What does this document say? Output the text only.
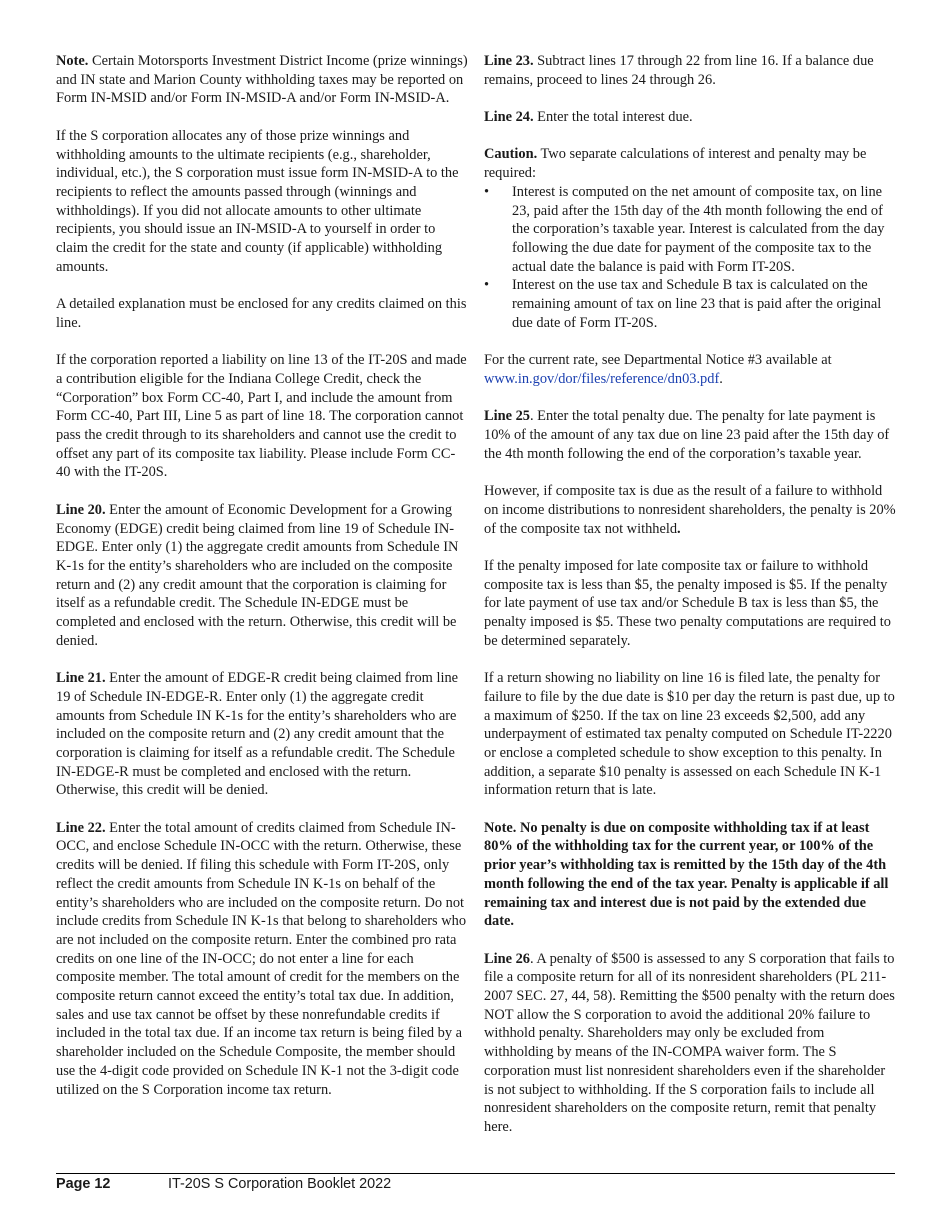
Note. Certain Motorsports Investment District Income (prize winnings) and IN state and Marion County withholding taxes may be reported on Form IN-MSID and/or Form IN-MSID-A and/or Form IN-MSID-A.

If the S corporation allocates any of those prize winnings and withholding amounts to the ultimate recipients (e.g., shareholder, individual, etc.), the S corporation must issue form IN-MSID-A to the recipients to reflect the amounts passed through (winnings and withholdings). If you did not allocate amounts to other ultimate recipients, you should issue an IN-MSID-A to yourself in order to claim the credit for the state and county (if applicable) withholding amounts.

A detailed explanation must be enclosed for any credits claimed on this line.

If the corporation reported a liability on line 13 of the IT-20S and made a contribution eligible for the Indiana College Credit, check the “Corporation” box Form CC-40, Part I, and include the amount from Form CC-40, Part III, Line 5 as part of line 18. The corporation cannot pass the credit through to its shareholders and cannot use the credit to offset any part of its composite tax liability. Please include Form CC-40 with the IT-20S.

Line 20. Enter the amount of Economic Development for a Growing Economy (EDGE) credit being claimed from line 19 of Schedule IN-EDGE. Enter only (1) the aggregate credit amounts from Schedule IN K-1s for the entity’s shareholders who are included on the composite return and (2) any credit amount that the corporation is claiming for itself as a refundable credit. The Schedule IN-EDGE must be completed and enclosed with the return. Otherwise, this credit will be denied.

Line 21. Enter the amount of EDGE-R credit being claimed from line 19 of Schedule IN-EDGE-R. Enter only (1) the aggregate credit amounts from Schedule IN K-1s for the entity’s shareholders who are included on the composite return and (2) any credit amount that the corporation is claiming for itself as a refundable credit. The Schedule IN-EDGE-R must be completed and enclosed with the return. Otherwise, this credit will be denied.

Line 22. Enter the total amount of credits claimed from Schedule IN-OCC, and enclose Schedule IN-OCC with the return. Otherwise, these credits will be denied. If filing this schedule with Form IT-20S, only reflect the credit amounts from Schedule IN K-1s on behalf of the entity’s shareholders who are included on the composite return. Do not include credits from Schedule IN K-1s that belong to shareholders who are not included on the composite return. Enter the combined pro rata credits on one line of the IN-OCC; do not enter a line for each composite member. The total amount of credit for the members on the composite return cannot exceed the entity’s total tax due. In addition, sales and use tax cannot be offset by these nonrefundable credits if included in the total tax due. If an income tax return is being filed by a shareholder included on the Schedule Composite, the member should use the 4-digit code provided on Schedule IN K-1 not the 3-digit code utilized on the S Corporation income tax return.

Line 23. Subtract lines 17 through 22 from line 16. If a balance due remains, proceed to lines 24 through 26.

Line 24. Enter the total interest due.

Caution. Two separate calculations of interest and penalty may be required:

• Interest is computed on the net amount of composite tax, on line 23, paid after the 15th day of the 4th month following the end of the corporation’s taxable year. Interest is calculated from the day following the due date for payment of the composite tax to the actual date the balance is paid with Form IT-20S.
• Interest on the use tax and Schedule B tax is calculated on the remaining amount of tax on line 23 that is paid after the original due date of Form IT-20S.

For the current rate, see Departmental Notice #3 available at www.in.gov/dor/files/reference/dn03.pdf.

Line 25. Enter the total penalty due. The penalty for late payment is 10% of the amount of any tax due on line 23 paid after the 15th day of the 4th month following the end of the corporation’s taxable year.

However, if composite tax is due as the result of a failure to withhold on income distributions to nonresident shareholders, the penalty is 20% of the composite tax not withheld.

If the penalty imposed for late composite tax or failure to withhold composite tax is less than $5, the penalty imposed is $5. If the penalty for late payment of use tax and/or Schedule B tax is less than $5, the penalty imposed is $5. These two penalty computations are required to be determined separately.

If a return showing no liability on line 16 is filed late, the penalty for failure to file by the due date is $10 per day the return is past due, up to a maximum of $250. If the tax on line 23 exceeds $2,500, add any underpayment of estimated tax penalty computed on Schedule IT-2220 or enclose a completed schedule to show exception to this penalty. In addition, a separate $10 penalty is assessed on each Schedule IN K-1 information return that is late.

Note. No penalty is due on composite withholding tax if at least 80% of the withholding tax for the current year, or 100% of the prior year’s withholding tax is remitted by the 15th day of the 4th month following the end of the tax year. Penalty is applicable if all remaining tax and interest due is not paid by the extended due date.

Line 26. A penalty of $500 is assessed to any S corporation that fails to file a composite return for all of its nonresident shareholders (PL 211-2007 SEC. 27, 44, 58). Remitting the $500 penalty with the return does NOT allow the S corporation to avoid the additional 20% failure to withhold penalty. Shareholders may only be excluded from withholding by means of the IN-COMPA waiver form. The S corporation must list nonresident shareholders even if the shareholder is not subject to withholding. If the S corporation fails to include all nonresident shareholders on the composite return, remit that penalty here.

Page 12	IT-20S S Corporation Booklet 2022
